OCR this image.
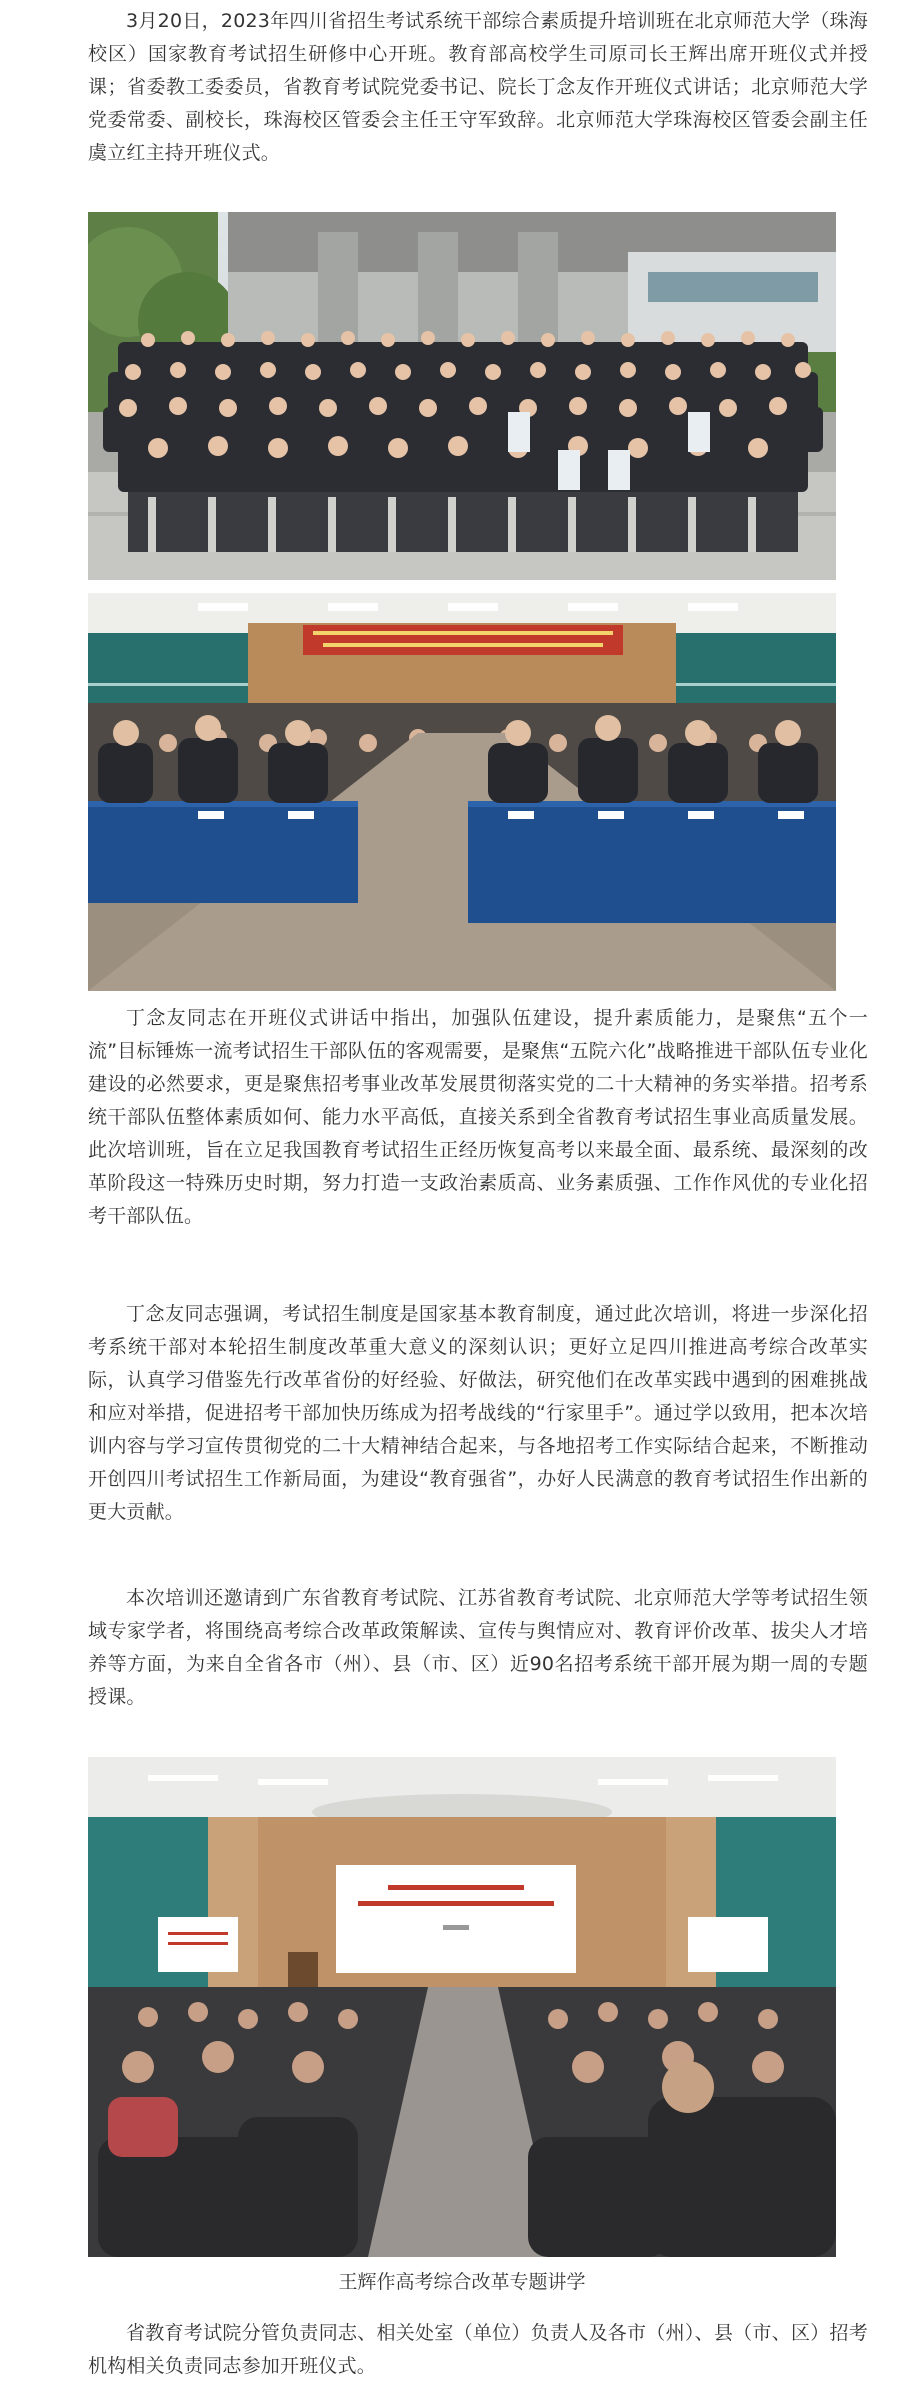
3月20日，2023年四川省招生考试系统干部综合素质提升培训班在北京师范大学（珠海校区）国家教育考试招生研修中心开班。教育部高校学生司原司长王辉出席开班仪式并授课；省委教工委委员，省教育考试院党委书记、院长丁念友作开班仪式讲话；北京师范大学党委常委、副校长，珠海校区管委会主任王守军致辞。北京师范大学珠海校区管委会副主任虞立红主持开班仪式。

丁念友同志在开班仪式讲话中指出，加强队伍建设，提升素质能力，是聚焦“五个一流”目标锤炼一流考试招生干部队伍的客观需要，是聚焦“五院六化”战略推进干部队伍专业化建设的必然要求，更是聚焦招考事业改革发展贯彻落实党的二十大精神的务实举措。招考系统干部队伍整体素质如何、能力水平高低，直接关系到全省教育考试招生事业高质量发展。此次培训班，旨在立足我国教育考试招生正经历恢复高考以来最全面、最系统、最深刻的改革阶段这一特殊历史时期，努力打造一支政治素质高、业务素质强、工作作风优的专业化招考干部队伍。

丁念友同志强调，考试招生制度是国家基本教育制度，通过此次培训，将进一步深化招考系统干部对本轮招生制度改革重大意义的深刻认识；更好立足四川推进高考综合改革实际，认真学习借鉴先行改革省份的好经验、好做法，研究他们在改革实践中遇到的困难挑战和应对举措，促进招考干部加快历练成为招考战线的“行家里手”。通过学以致用，把本次培训内容与学习宣传贯彻党的二十大精神结合起来，与各地招考工作实际结合起来，不断推动开创四川考试招生工作新局面，为建设“教育强省”，办好人民满意的教育考试招生作出新的更大贡献。

本次培训还邀请到广东省教育考试院、江苏省教育考试院、北京师范大学等考试招生领域专家学者，将围绕高考综合改革政策解读、宣传与舆情应对、教育评价改革、拔尖人才培养等方面，为来自全省各市（州）、县（市、区）近90名招考系统干部开展为期一周的专题授课。

王辉作高考综合改革专题讲学

省教育考试院分管负责同志、相关处室（单位）负责人及各市（州）、县（市、区）招考机构相关负责同志参加开班仪式。
